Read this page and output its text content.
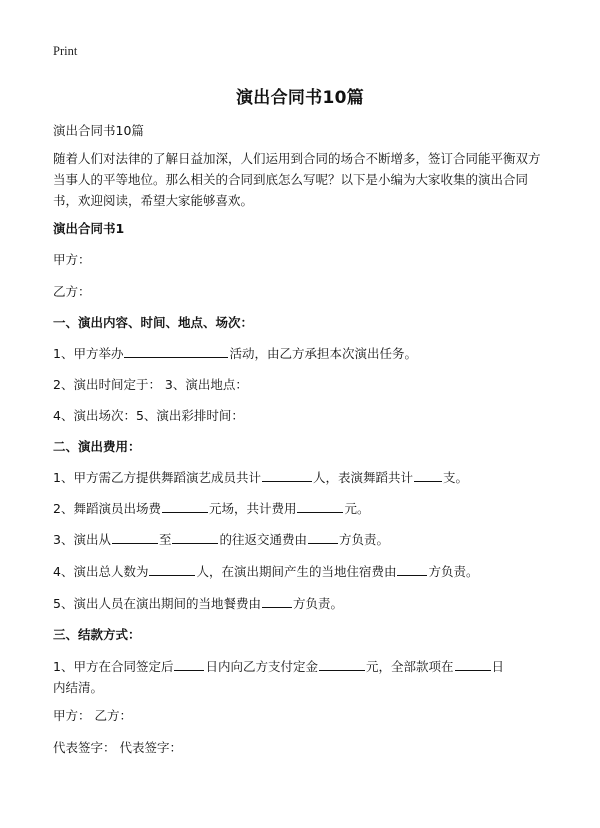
Print
演出合同书10篇
演出合同书10篇
随着人们对法律的了解日益加深，人们运用到合同的场合不断增多，签订合同能平衡双方当事人的平等地位。那么相关的合同到底怎么写呢？以下是小编为大家收集的演出合同书，欢迎阅读，希望大家能够喜欢。
演出合同书1
甲方：
乙方：
一、演出内容、时间、地点、场次：
1、甲方举办	活动，由乙方承担本次演出任务。
2、演出时间定于： 3、演出地点：
4、演出场次：5、演出彩排时间：
二、演出费用：
1、甲方需乙方提供舞蹈演艺成员共计	人，表演舞蹈共计 支。
2、舞蹈演员出场费	元场，共计费用	元。
3、演出从	至	的往返交通费由	方负责。
4、演出总人数为	人，在演出期间产生的当地住宿费由	方负责。
5、演出人员在演出期间的当地餐费由	方负责。
三、结款方式：
1、甲方在合同签定后	日内向乙方支付定金	元，全部款项在	日
内结清。
甲方： 乙方：
代表签字： 代表签字：
